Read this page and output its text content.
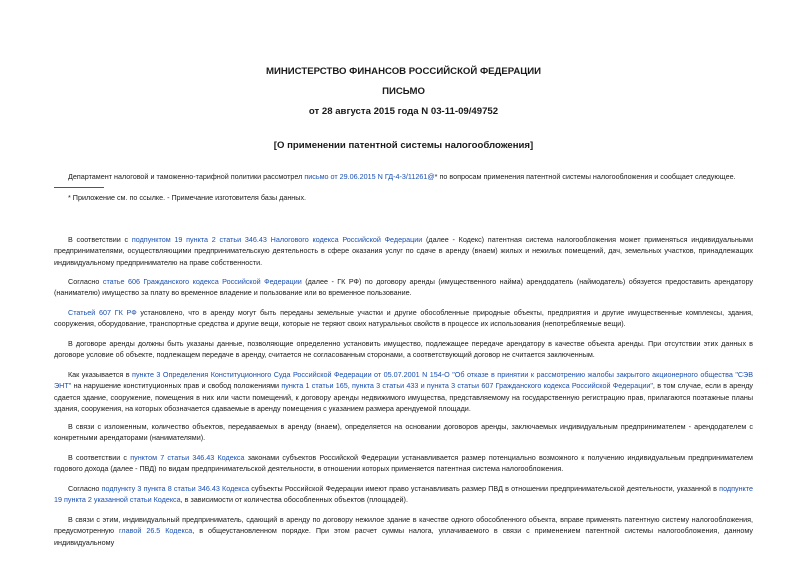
МИНИСТЕРСТВО ФИНАНСОВ РОССИЙСКОЙ ФЕДЕРАЦИИ

ПИСЬМО

от 28 августа 2015 года N 03-11-09/49752

[О применении патентной системы налогообложения]

Департамент налоговой и таможенно-тарифной политики рассмотрел письмо от 29.06.2015 N ГД-4-3/11261@* по вопросам применения патентной системы налогообложения и сообщает следующее.

* Приложение см. по ссылке. - Примечание изготовителя базы данных.

В соответствии с подпунктом 19 пункта 2 статьи 346.43 Налогового кодекса Российской Федерации (далее - Кодекс) патентная система налогообложения может применяться индивидуальными предпринимателями, осуществляющими предпринимательскую деятельность в сфере оказания услуг по сдаче в аренду (внаем) жилых и нежилых помещений, дач, земельных участков, принадлежащих индивидуальному предпринимателю на праве собственности.

Согласно статье 606 Гражданского кодекса Российской Федерации (далее - ГК РФ) по договору аренды (имущественного найма) арендодатель (наймодатель) обязуется предоставить арендатору (нанимателю) имущество за плату во временное владение и пользование или во временное пользование.

Статьей 607 ГК РФ установлено, что в аренду могут быть переданы земельные участки и другие обособленные природные объекты, предприятия и другие имущественные комплексы, здания, сооружения, оборудование, транспортные средства и другие вещи, которые не теряют своих натуральных свойств в процессе их использования (непотребляемые вещи).

В договоре аренды должны быть указаны данные, позволяющие определенно установить имущество, подлежащее передаче арендатору в качестве объекта аренды. При отсутствии этих данных в договоре условие об объекте, подлежащем передаче в аренду, считается не согласованным сторонами, а соответствующий договор не считается заключенным.

Как указывается в пункте 3 Определения Конституционного Суда Российской Федерации от 05.07.2001 N 154-О "Об отказе в принятии к рассмотрению жалобы закрытого акционерного общества "СЭВ ЭНТ" на нарушение конституционных прав и свобод положениями пункта 1 статьи 165, пункта 3 статьи 433 и пункта 3 статьи 607 Гражданского кодекса Российской Федерации", в том случае, если в аренду сдается здание, сооружение, помещения в них или части помещений, к договору аренды недвижимого имущества, представляемому на государственную регистрацию прав, прилагаются поэтажные планы здания, сооружения, на которых обозначается сдаваемые в аренду помещения с указанием размера арендуемой площади.

В связи с изложенным, количество объектов, передаваемых в аренду (внаем), определяется на основании договоров аренды, заключаемых индивидуальным предпринимателем - арендодателем с конкретными арендаторами (нанимателями).

В соответствии с пунктом 7 статьи 346.43 Кодекса законами субъектов Российской Федерации устанавливается размер потенциально возможного к получению индивидуальным предпринимателем годового дохода (далее - ПВД) по видам предпринимательской деятельности, в отношении которых применяется патентная система налогообложения.

Согласно подпункту 3 пункта 8 статьи 346.43 Кодекса субъекты Российской Федерации имеют право устанавливать размер ПВД в отношении предпринимательской деятельности, указанной в подпункте 19 пункта 2 указанной статьи Кодекса, в зависимости от количества обособленных объектов (площадей).

В связи с этим, индивидуальный предприниматель, сдающий в аренду по договору нежилое здание в качестве одного обособленного объекта, вправе применять патентную систему налогообложения, предусмотренную главой 26.5 Кодекса, в общеустановленном порядке. При этом расчет суммы налога, уплачиваемого в связи с применением патентной системы налогообложения, данному индивидуальному
